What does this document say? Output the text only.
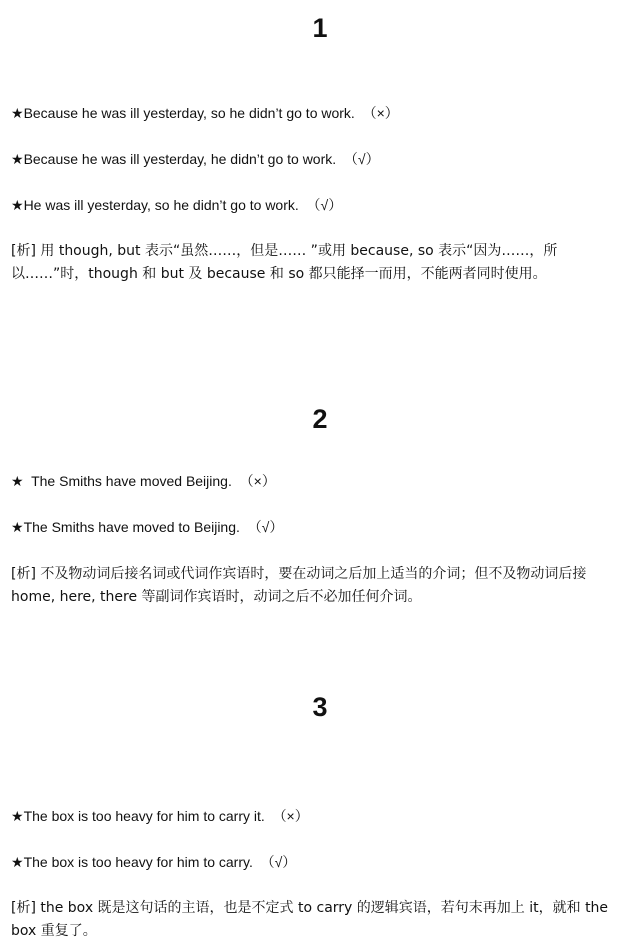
1
★Because he was ill yesterday, so he didn’t go to work. （×）
★Because he was ill yesterday, he didn’t go to work. （√）
★He was ill yesterday, so he didn’t go to work. （√）
[析] 用 though, but 表示“虽然……，但是…… ”或用 because, so 表示“因为……，所以……”时，though 和 but 及 because 和 so 都只能择一而用，不能两者同时使用。
2
★  The Smiths have moved Beijing. （×）
★The Smiths have moved to Beijing. （√）
[析] 不及物动词后接名词或代词作宾语时，要在动词之后加上适当的介词；但不及物动词后接 home, here, there 等副词作宾语时，动词之后不必加任何介词。
3
★The box is too heavy for him to carry it. （×）
★The box is too heavy for him to carry. （√）
[析] the box 既是这句话的主语，也是不定式 to carry 的逻辑宾语，若句末再加上 it，就和 the box 重复了。
